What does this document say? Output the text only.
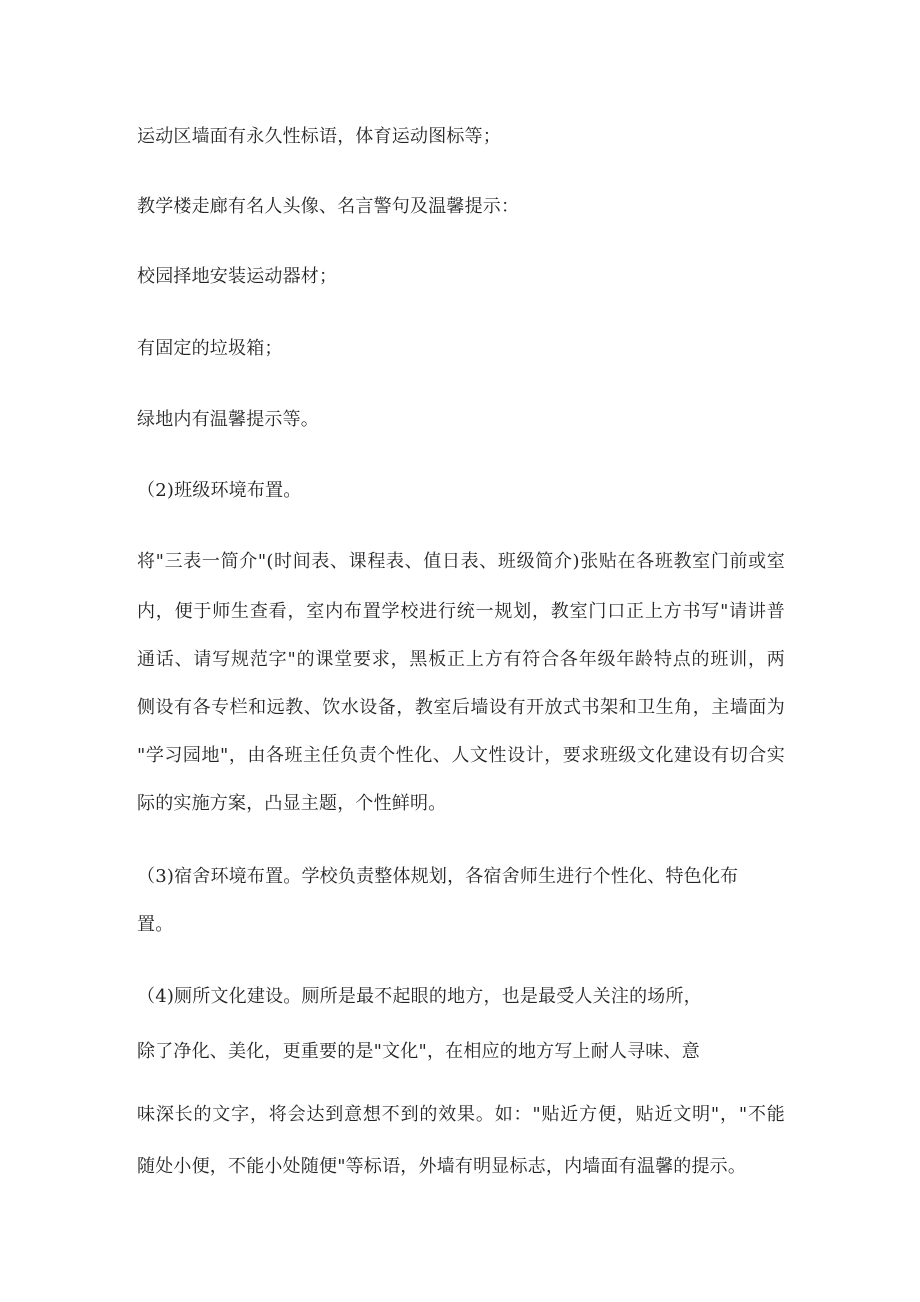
运动区墙面有永久性标语，体育运动图标等；
教学楼走廊有名人头像、名言警句及温馨提示：
校园择地安装运动器材；
有固定的垃圾箱；
绿地内有温馨提示等。
（2)班级环境布置。
将"三表一简介"(时间表、课程表、值日表、班级简介)张贴在各班教室门前或室
内，便于师生查看，室内布置学校进行统一规划，教室门口正上方书写"请讲普
通话、请写规范字"的课堂要求，黑板正上方有符合各年级年龄特点的班训，两
侧设有各专栏和远教、饮水设备，教室后墙设有开放式书架和卫生角，主墙面为
"学习园地"，由各班主任负责个性化、人文性设计，要求班级文化建设有切合实
际的实施方案，凸显主题，个性鲜明。
（3)宿舍环境布置。学校负责整体规划，各宿舍师生进行个性化、特色化布
置。
（4)厕所文化建设。厕所是最不起眼的地方，也是最受人关注的场所，
除了净化、美化，更重要的是"文化"，在相应的地方写上耐人寻味、意
味深长的文字，将会达到意想不到的效果。如："贴近方便，贴近文明"，"不能
随处小便，不能小处随便"等标语，外墙有明显标志，内墙面有温馨的提示。
